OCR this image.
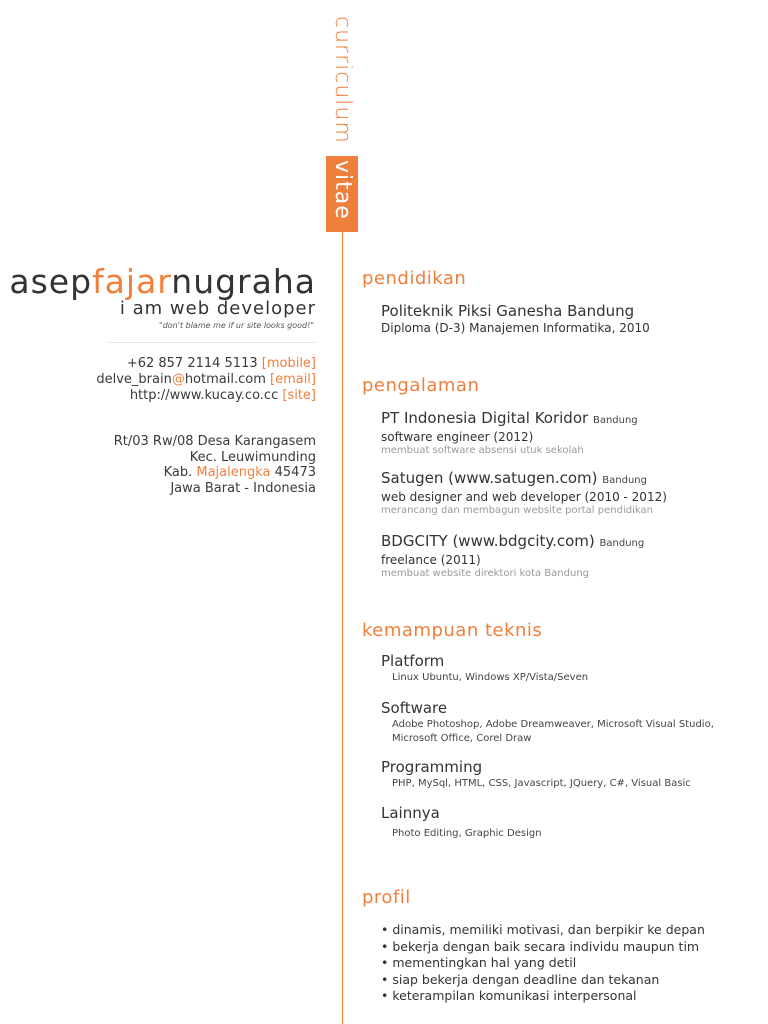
curriculum
vitae
asepfajarnugraha
i am web developer
"don't blame me if ur site looks good!"
+62 857 2114 5113 [mobile]
delve_brain@hotmail.com [email]
http://www.kucay.co.cc [site]
Rt/03 Rw/08 Desa Karangasem
Kec. Leuwimunding
Kab. Majalengka 45473
Jawa Barat - Indonesia
pendidikan
Politeknik Piksi Ganesha Bandung
Diploma (D-3) Manajemen Informatika, 2010
pengalaman
PT Indonesia Digital Koridor Bandung
software engineer (2012)
membuat software absensi utuk sekolah
Satugen (www.satugen.com) Bandung
web designer and web developer (2010 - 2012)
merancang dan membagun website portal pendidikan
BDGCITY (www.bdgcity.com) Bandung
freelance (2011)
membuat website direktori kota Bandung
kemampuan teknis
Platform
Linux Ubuntu, Windows XP/Vista/Seven
Software
Adobe Photoshop, Adobe Dreamweaver, Microsoft Visual Studio,
Microsoft Office, Corel Draw
Programming
PHP, MySql, HTML, CSS, Javascript, JQuery, C#, Visual Basic
Lainnya
Photo Editing, Graphic Design
profil
• dinamis, memiliki motivasi, dan berpikir ke depan
• bekerja dengan baik secara individu maupun tim
• mementingkan hal yang detil
• siap bekerja dengan deadline dan tekanan
• keterampilan komunikasi interpersonal
